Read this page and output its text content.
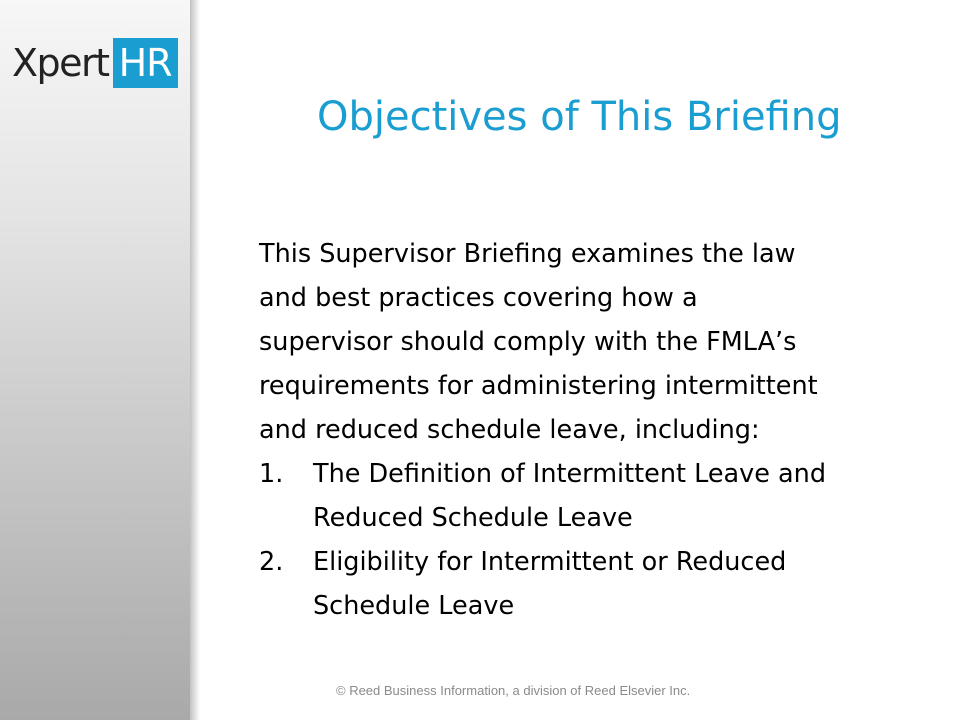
Xpert HR
Objectives of This Briefing

This Supervisor Briefing examines the law
and best practices covering how a
supervisor should comply with the FMLA’s
requirements for administering intermittent
and reduced schedule leave, including:

1.	The Definition of Intermittent Leave and
Reduced Schedule Leave
2.	Eligibility for Intermittent or Reduced
Schedule Leave
© Reed Business Information, a division of Reed Elsevier Inc.
